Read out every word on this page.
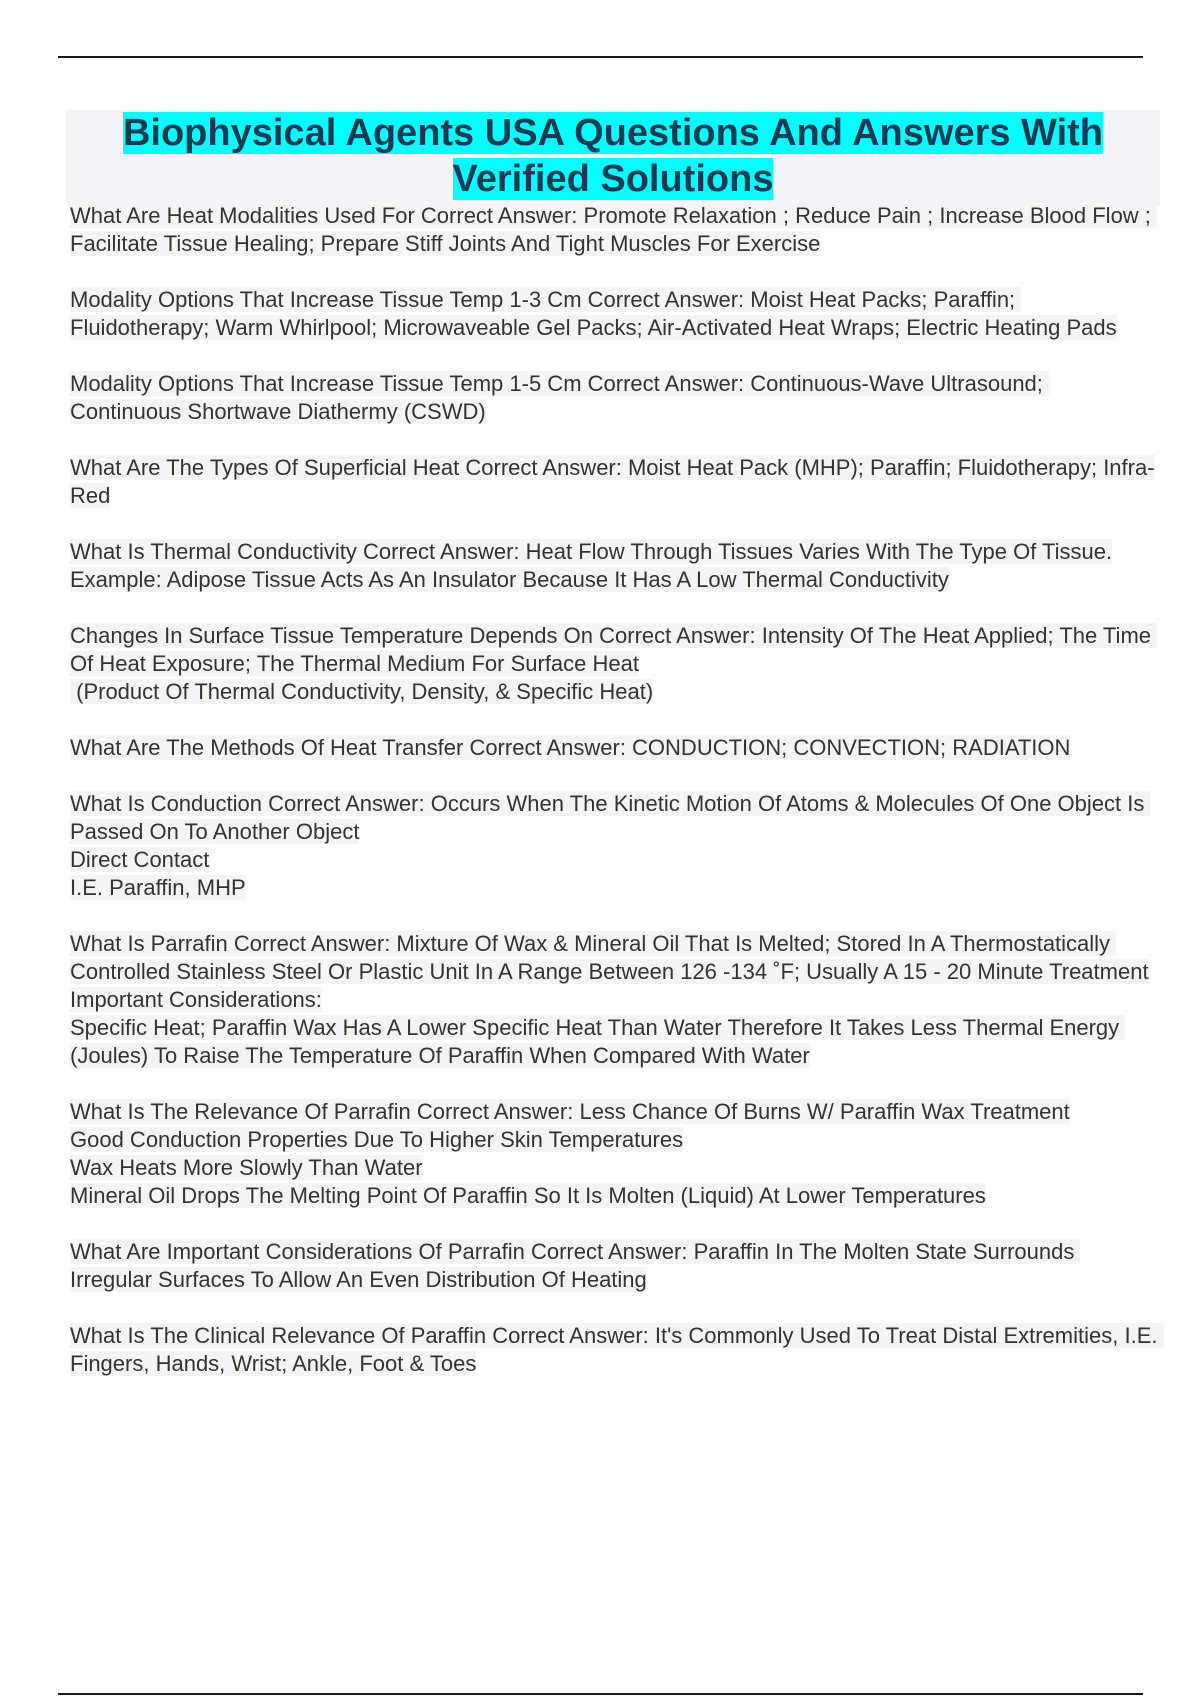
Biophysical Agents USA Questions And Answers With Verified Solutions
What Are Heat Modalities Used For Correct Answer: Promote Relaxation ; Reduce Pain ; Increase Blood Flow ; Facilitate Tissue Healing; Prepare Stiff Joints And Tight Muscles For Exercise
Modality Options That Increase Tissue Temp 1-3 Cm Correct Answer: Moist Heat Packs; Paraffin; Fluidotherapy; Warm Whirlpool; Microwaveable Gel Packs; Air-Activated Heat Wraps; Electric Heating Pads
Modality Options That Increase Tissue Temp 1-5 Cm Correct Answer: Continuous-Wave Ultrasound; Continuous Shortwave Diathermy (CSWD)
What Are The Types Of Superficial Heat Correct Answer: Moist Heat Pack (MHP); Paraffin; Fluidotherapy; Infra-Red
What Is Thermal Conductivity Correct Answer: Heat Flow Through Tissues Varies With The Type Of Tissue.
Example: Adipose Tissue Acts As An Insulator Because It Has A Low Thermal Conductivity
Changes In Surface Tissue Temperature Depends On Correct Answer: Intensity Of The Heat Applied; The Time Of Heat Exposure; The Thermal Medium For Surface Heat
(Product Of Thermal Conductivity, Density, & Specific Heat)
What Are The Methods Of Heat Transfer Correct Answer: CONDUCTION; CONVECTION; RADIATION
What Is Conduction Correct Answer: Occurs When The Kinetic Motion Of Atoms & Molecules Of One Object Is Passed On To Another Object
Direct Contact
I.E. Paraffin, MHP
What Is Parrafin Correct Answer: Mixture Of Wax & Mineral Oil That Is Melted; Stored In A Thermostatically Controlled Stainless Steel Or Plastic Unit In A Range Between 126 -134 ˚F; Usually A 15 - 20 Minute Treatment
Important Considerations:
Specific Heat; Paraffin Wax Has A Lower Specific Heat Than Water Therefore It Takes Less Thermal Energy (Joules) To Raise The Temperature Of Paraffin When Compared With Water
What Is The Relevance Of Parrafin Correct Answer: Less Chance Of Burns W/ Paraffin Wax Treatment
Good Conduction Properties Due To Higher Skin Temperatures
Wax Heats More Slowly Than Water
Mineral Oil Drops The Melting Point Of Paraffin So It Is Molten (Liquid) At Lower Temperatures
What Are Important Considerations Of Parrafin Correct Answer: Paraffin In The Molten State Surrounds Irregular Surfaces To Allow An Even Distribution Of Heating
What Is The Clinical Relevance Of Paraffin Correct Answer: It's Commonly Used To Treat Distal Extremities, I.E. Fingers, Hands, Wrist; Ankle, Foot & Toes
